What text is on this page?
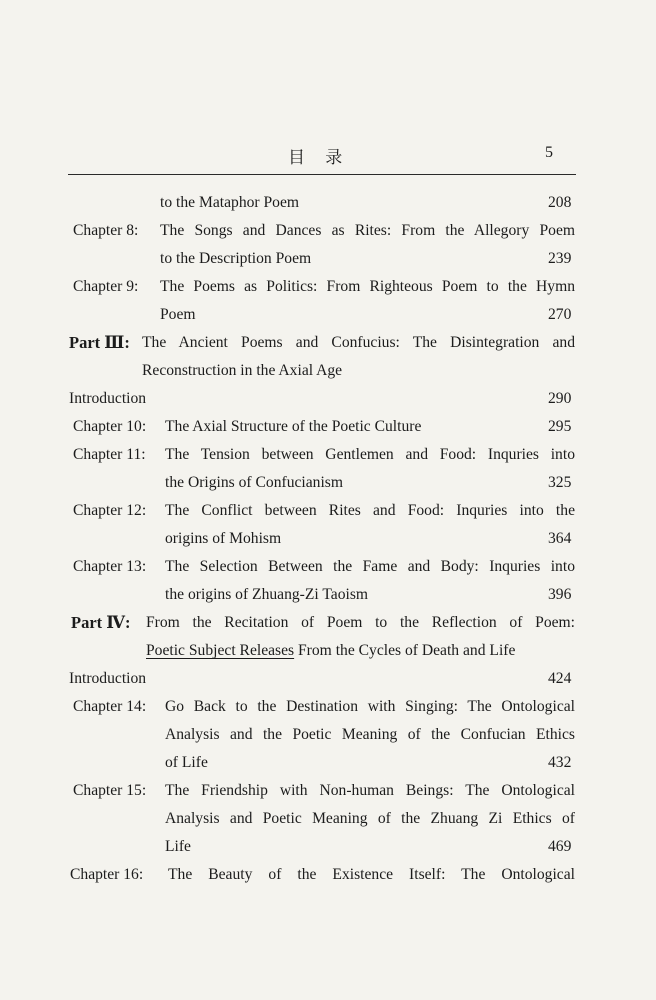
目 录	5
to the Mataphor Poem	208
Chapter 8: The Songs and Dances as Rites: From the Allegory Poem
to the Description Poem	239
Chapter 9: The Poems as Politics: From Righteous Poem to the Hymn
Poem	270
Part Ⅲ: The Ancient Poems and Confucius: The Disintegration and
Reconstruction in the Axial Age
Introduction	290
Chapter 10: The Axial Structure of the Poetic Culture	295
Chapter 11: The Tension between Gentlemen and Food: Inquries into
the Origins of Confucianism	325
Chapter 12: The Conflict between Rites and Food: Inquries into the
origins of Mohism	364
Chapter 13: The Selection Between the Fame and Body: Inquries into
the origins of Zhuang-Zi Taoism	396
Part Ⅳ: From the Recitation of Poem to the Reflection of Poem:
Poetic Subject Releases From the Cycles of Death and Life
Introduction	424
Chapter 14: Go Back to the Destination with Singing: The Ontological
Analysis and the Poetic Meaning of the Confucian Ethics
of Life	432
Chapter 15: The Friendship with Non-human Beings: The Ontological
Analysis and Poetic Meaning of the Zhuang Zi Ethics of
Life	469
Chapter 16: The Beauty of the Existence Itself: The Ontological
